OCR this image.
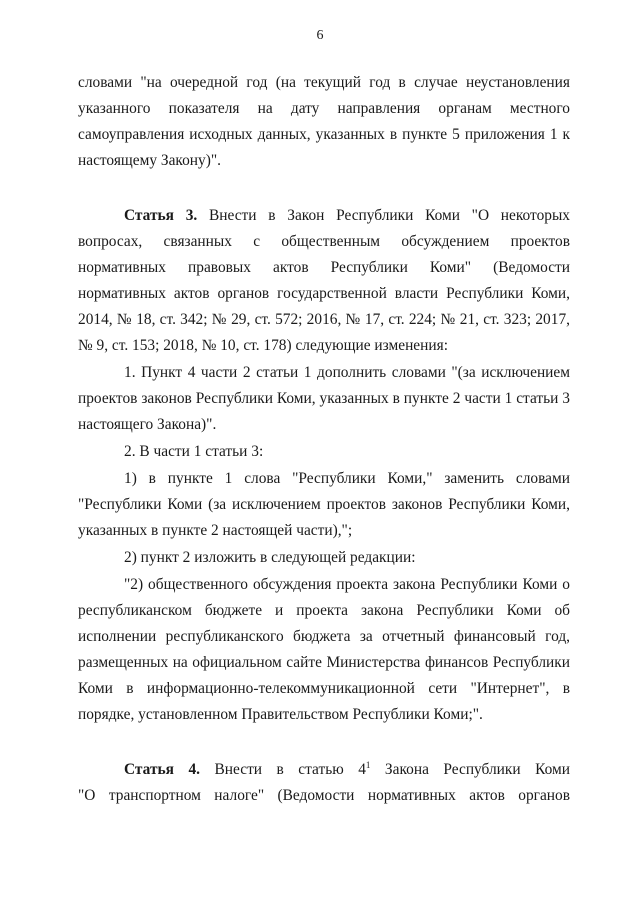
6
словами "на очередной год (на текущий год в случае неустановления
указанного показателя на дату направления органам местного
самоуправления исходных данных, указанных в пункте 5 приложения 1 к
настоящему Закону)".
Статья 3. Внести в Закон Республики Коми "О некоторых
вопросах, связанных с общественным обсуждением проектов
нормативных правовых актов Республики Коми" (Ведомости
нормативных актов органов государственной власти Республики Коми,
2014, № 18, ст. 342; № 29, ст. 572; 2016, № 17, ст. 224; № 21, ст. 323; 2017,
№ 9, ст. 153; 2018, № 10, ст. 178) следующие изменения:
1. Пункт 4 части 2 статьи 1 дополнить словами "(за исключением
проектов законов Республики Коми, указанных в пункте 2 части 1 статьи 3
настоящего Закона)".
2. В части 1 статьи 3:
1) в пункте 1 слова "Республики Коми," заменить словами
"Республики Коми (за исключением проектов законов Республики Коми,
указанных в пункте 2 настоящей части),";
2) пункт 2 изложить в следующей редакции:
"2) общественного обсуждения проекта закона Республики Коми о
республиканском бюджете и проекта закона Республики Коми об
исполнении республиканского бюджета за отчетный финансовый год,
размещенных на официальном сайте Министерства финансов Республики
Коми в информационно-телекоммуникационной сети "Интернет", в
порядке, установленном Правительством Республики Коми;".
Статья 4. Внести в статью $4^1$ Закона Республики Коми
"О транспортном налоге" (Ведомости нормативных актов органов
